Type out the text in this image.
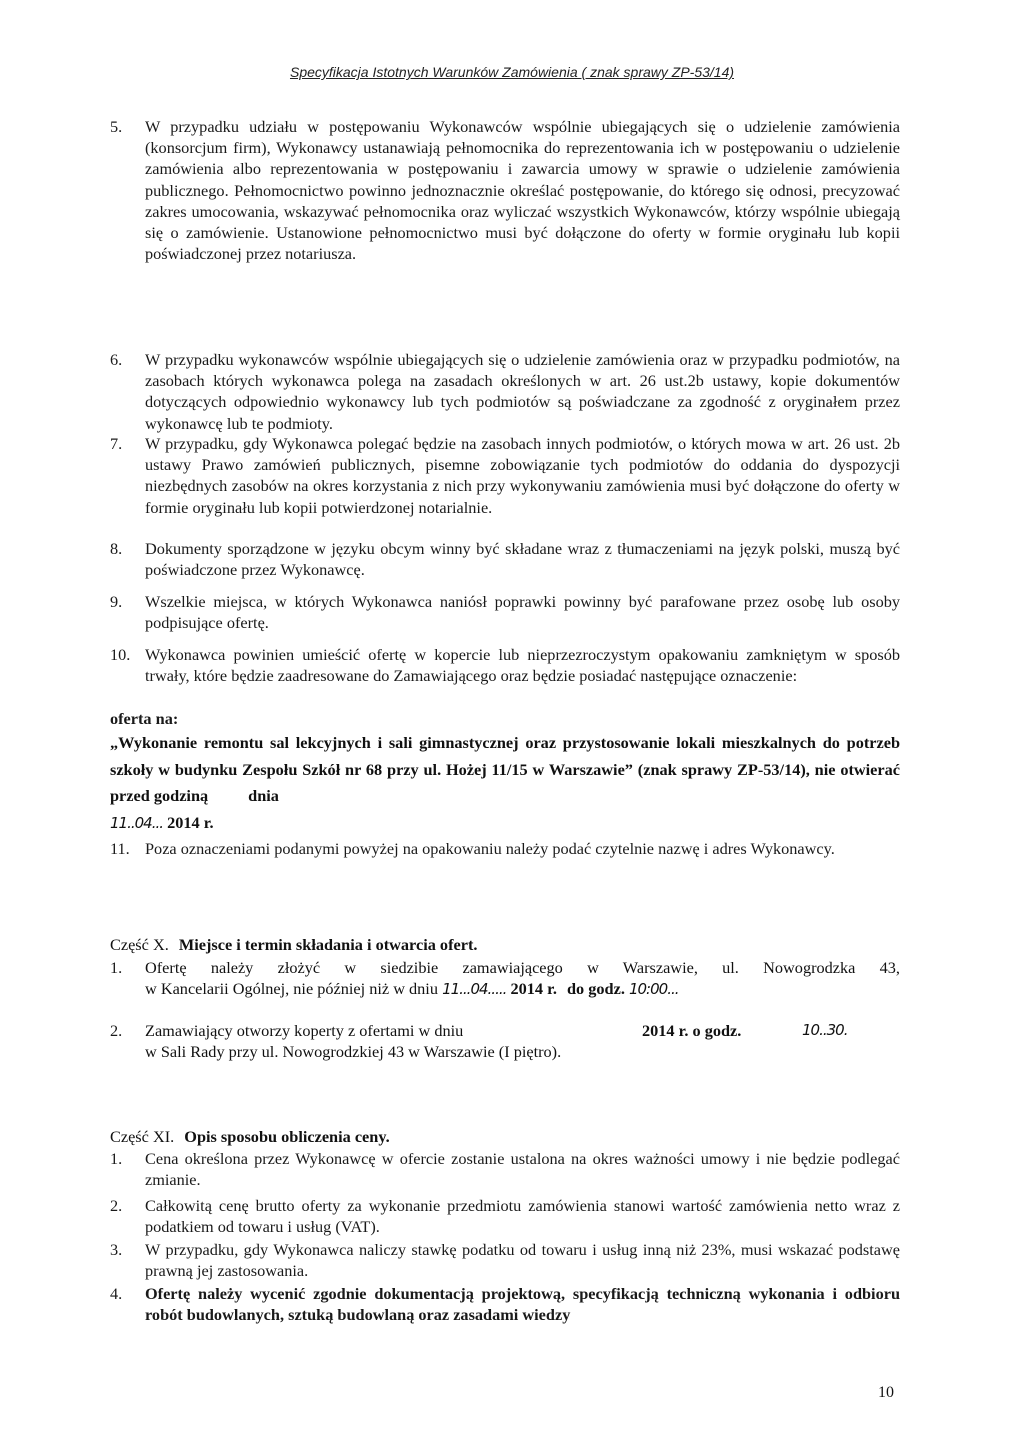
Specyfikacja Istotnych Warunków Zamówienia ( znak sprawy ZP-53/14)
5. W przypadku udziału w postępowaniu Wykonawców wspólnie ubiegających się o udzielenie zamówienia (konsorcjum firm), Wykonawcy ustanawiają pełnomocnika do reprezentowania ich w postępowaniu o udzielenie zamówienia albo reprezentowania w postępowaniu i zawarcia umowy w sprawie o udzielenie zamówienia publicznego. Pełnomocnictwo powinno jednoznacznie określać postępowanie, do którego się odnosi, precyzować zakres umocowania, wskazywać pełnomocnika oraz wyliczać wszystkich Wykonawców, którzy wspólnie ubiegają się o zamówienie. Ustanowione pełnomocnictwo musi być dołączone do oferty w formie oryginału lub kopii poświadczonej przez notariusza.
6. W przypadku wykonawców wspólnie ubiegających się o udzielenie zamówienia oraz w przypadku podmiotów, na zasobach których wykonawca polega na zasadach określonych w art. 26 ust.2b ustawy, kopie dokumentów dotyczących odpowiednio wykonawcy lub tych podmiotów są poświadczane za zgodność z oryginałem przez wykonawcę lub te podmioty.
7. W przypadku, gdy Wykonawca polegać będzie na zasobach innych podmiotów, o których mowa w art. 26 ust. 2b ustawy Prawo zamówień publicznych, pisemne zobowiązanie tych podmiotów do oddania do dyspozycji niezbędnych zasobów na okres korzystania z nich przy wykonywaniu zamówienia musi być dołączone do oferty w formie oryginału lub kopii potwierdzonej notarialnie.
8. Dokumenty sporządzone w języku obcym winny być składane wraz z tłumaczeniami na język polski, muszą być poświadczone przez Wykonawcę.
9. Wszelkie miejsca, w których Wykonawca naniósł poprawki powinny być parafowane przez osobę lub osoby podpisujące ofertę.
10. Wykonawca powinien umieścić ofertę w kopercie lub nieprzezroczystym opakowaniu zamkniętym w sposób trwały, które będzie zaadresowane do Zamawiającego oraz będzie posiadać następujące oznaczenie:
oferta na:
„Wykonanie remontu sal lekcyjnych i sali gimnastycznej oraz przystosowanie lokali mieszkalnych do potrzeb szkoły w budynku Zespołu Szkół nr 68 przy ul. Hożej 11/15 w Warszawie” (znak sprawy ZP-53/14), nie otwierać przed godziną dnia
11..04... 2014 r.
11. Poza oznaczeniami podanymi powyżej na opakowaniu należy podać czytelnie nazwę i adres Wykonawcy.
Część X. Miejsce i termin składania i otwarcia ofert.
1.	Ofertę należy złożyć w siedzibie zamawiającego w Warszawie, ul. Nowogrodzka 43,
w Kancelarii Ogólnej, nie później niż w dniu 11...04..... 2014 r. do godz. 10:00...
2.	Zamawiający otworzy koperty z ofertami w dniu	2014 r. o godz.	10..30.
w Sali Rady przy ul. Nowogrodzkiej 43 w Warszawie (I piętro).
Część XI. Opis sposobu obliczenia ceny.
1. Cena określona przez Wykonawcę w ofercie zostanie ustalona na okres ważności umowy i nie będzie podlegać zmianie.
2. Całkowitą cenę brutto oferty za wykonanie przedmiotu zamówienia stanowi wartość zamówienia netto wraz z podatkiem od towaru i usług (VAT).
3. W przypadku, gdy Wykonawca naliczy stawkę podatku od towaru i usług inną niż 23%, musi wskazać podstawę prawną jej zastosowania.
4. Ofertę należy wycenić zgodnie dokumentacją projektową, specyfikacją techniczną wykonania i odbioru robót budowlanych, sztuką budowlaną oraz zasadami wiedzy
10
